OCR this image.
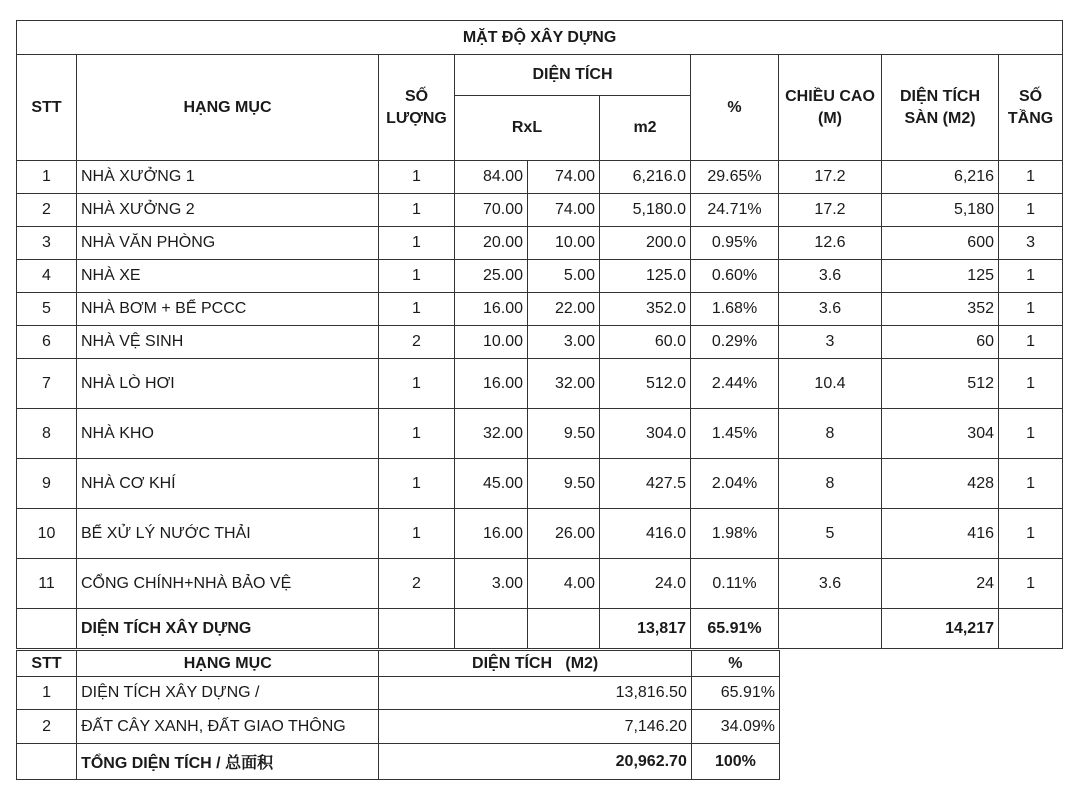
MẶT ĐỘ XÂY DỰNG									
STT	HẠNG MỤC	SỐ LƯỢNG	DIỆN TÍCH			%	CHIỀU CAO (M)	DIỆN TÍCH SÀN (M2)	SỐ TẦNG
			RxL		m2				
1	NHÀ XƯỞNG 1	1	84.00	74.00	6,216.0	29.65%	17.2	6,216	1
2	NHÀ XƯỞNG 2	1	70.00	74.00	5,180.0	24.71%	17.2	5,180	1
3	NHÀ VĂN PHÒNG	1	20.00	10.00	200.0	0.95%	12.6	600	3
4	NHÀ XE	1	25.00	5.00	125.0	0.60%	3.6	125	1
5	NHÀ BƠM + BỂ PCCC	1	16.00	22.00	352.0	1.68%	3.6	352	1
6	NHÀ VỆ SINH	2	10.00	3.00	60.0	0.29%	3	60	1
7	NHÀ LÒ HƠI	1	16.00	32.00	512.0	2.44%	10.4	512	1
8	NHÀ KHO	1	32.00	9.50	304.0	1.45%	8	304	1
9	NHÀ CƠ KHÍ	1	45.00	9.50	427.5	2.04%	8	428	1
10	BỂ XỬ LÝ NƯỚC THẢI	1	16.00	26.00	416.0	1.98%	5	416	1
11	CỔNG CHÍNH+NHÀ BẢO VỆ	2	3.00	4.00	24.0	0.11%	3.6	24	1
	DIỆN TÍCH XÂY DỰNG				13,817	65.91%		14,217	
STT	HẠNG MỤC	DIỆN TÍCH (M2)		%
1	DIỆN TÍCH XÂY DỰNG /		13,816.50	65.91%
2	ĐẤT CÂY XANH, ĐẤT GIAO THÔNG		7,146.20	34.09%
	TỔNG DIỆN TÍCH / 总面积		20,962.70	100%
